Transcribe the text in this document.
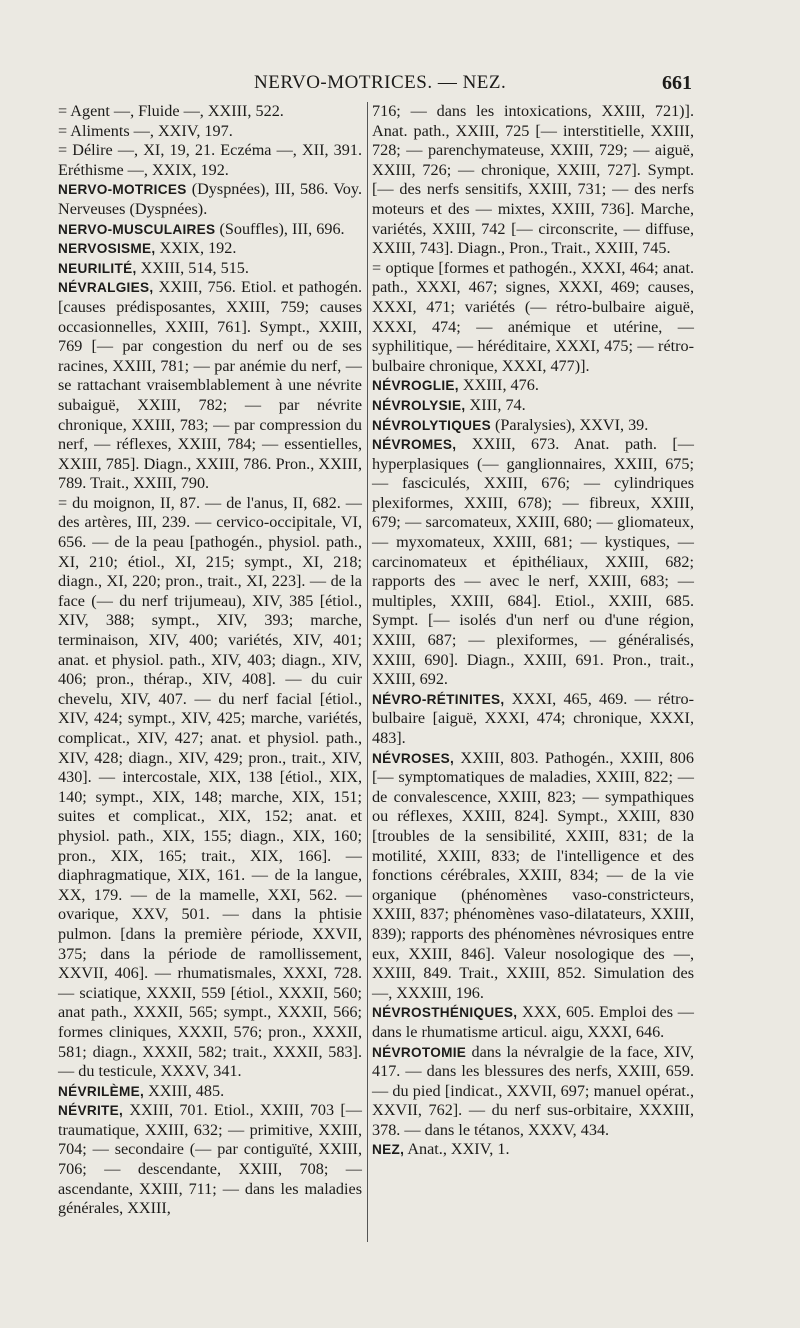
NERVO-MOTRICES. — NEZ.	661

= Agent —, Fluide —, XXIII, 522.

= Aliments —, XXIV, 197.

= Délire —, XI, 19, 21. Eczéma —, XII, 391. Eréthisme —, XXIX, 192.

NERVO-MOTRICES (Dyspnées), III, 586. Voy. Nerveuses (Dyspnées).

NERVO-MUSCULAIRES (Souffles), III, 696.

NERVOSISME, XXIX, 192.

NEURILITÉ, XXIII, 514, 515.

NÉVRALGIES, XXIII, 756. Etiol. et pathogén. [causes prédisposantes, XXIII, 759; causes occasionnelles, XXIII, 761]. Sympt., XXIII, 769 [— par congestion du nerf ou de ses racines, XXIII, 781; — par anémie du nerf, — se rattachant vraisemblablement à une névrite subaiguë, XXIII, 782; — par névrite chronique, XXIII, 783; — par compression du nerf, — réflexes, XXIII, 784; — essentielles, XXIII, 785]. Diagn., XXIII, 786. Pron., XXIII, 789. Trait., XXIII, 790.

= du moignon, II, 87. — de l'anus, II, 682. — des artères, III, 239. — cervico-occipitale, VI, 656. — de la peau [pathogén., physiol. path., XI, 210; étiol., XI, 215; sympt., XI, 218; diagn., XI, 220; pron., trait., XI, 223]. — de la face (— du nerf trijumeau), XIV, 385 [étiol., XIV, 388; sympt., XIV, 393; marche, terminaison, XIV, 400; variétés, XIV, 401; anat. et physiol. path., XIV, 403; diagn., XIV, 406; pron., thérap., XIV, 408]. — du cuir chevelu, XIV, 407. — du nerf facial [étiol., XIV, 424; sympt., XIV, 425; marche, variétés, complicat., XIV, 427; anat. et physiol. path., XIV, 428; diagn., XIV, 429; pron., trait., XIV, 430]. — intercostale, XIX, 138 [étiol., XIX, 140; sympt., XIX, 148; marche, XIX, 151; suites et complicat., XIX, 152; anat. et physiol. path., XIX, 155; diagn., XIX, 160; pron., XIX, 165; trait., XIX, 166]. — diaphragmatique, XIX, 161. — de la langue, XX, 179. — de la mamelle, XXI, 562. — ovarique, XXV, 501. — dans la phtisie pulmon. [dans la première période, XXVII, 375; dans la période de ramollissement, XXVII, 406]. — rhumatismales, XXXI, 728. — sciatique, XXXII, 559 [étiol., XXXII, 560; anat path., XXXII, 565; sympt., XXXII, 566; formes cliniques, XXXII, 576; pron., XXXII, 581; diagn., XXXII, 582; trait., XXXII, 583]. — du testicule, XXXV, 341.

NÉVRILÈME, XXIII, 485.

NÉVRITE, XXIII, 701. Etiol., XXIII, 703 [— traumatique, XXIII, 632; — primitive, XXIII, 704; — secondaire (— par contiguïté, XXIII, 706; — descendante, XXIII, 708; — ascendante, XXIII, 711; — dans les maladies générales, XXIII,

716; — dans les intoxications, XXIII, 721)]. Anat. path., XXIII, 725 [— interstitielle, XXIII, 728; — parenchymateuse, XXIII, 729; — aiguë, XXIII, 726; — chronique, XXIII, 727]. Sympt. [— des nerfs sensitifs, XXIII, 731; — des nerfs moteurs et des — mixtes, XXIII, 736]. Marche, variétés, XXIII, 742 [— circonscrite, — diffuse, XXIII, 743]. Diagn., Pron., Trait., XXIII, 745.

= optique [formes et pathogén., XXXI, 464; anat. path., XXXI, 467; signes, XXXI, 469; causes, XXXI, 471; variétés (— rétro-bulbaire aiguë, XXXI, 474; — anémique et utérine, — syphilitique, — héréditaire, XXXI, 475; — rétro-bulbaire chronique, XXXI, 477)].

NÉVROGLIE, XXIII, 476.

NÉVROLYSIE, XIII, 74.

NÉVROLYTIQUES (Paralysies), XXVI, 39.

NÉVROMES, XXIII, 673. Anat. path. [— hyperplasiques (— ganglionnaires, XXIII, 675; — fasciculés, XXIII, 676; — cylindriques plexiformes, XXIII, 678); — fibreux, XXIII, 679; — sarcomateux, XXIII, 680; — gliomateux, — myxomateux, XXIII, 681; — kystiques, — carcinomateux et épithéliaux, XXIII, 682; rapports des — avec le nerf, XXIII, 683; — multiples, XXIII, 684]. Etiol., XXIII, 685. Sympt. [— isolés d'un nerf ou d'une région, XXIII, 687; — plexiformes, — généralisés, XXIII, 690]. Diagn., XXIII, 691. Pron., trait., XXIII, 692.

NÉVRO-RÉTINITES, XXXI, 465, 469. — rétro-bulbaire [aiguë, XXXI, 474; chronique, XXXI, 483].

NÉVROSES, XXIII, 803. Pathogén., XXIII, 806 [— symptomatiques de maladies, XXIII, 822; — de convalescence, XXIII, 823; — sympathiques ou réflexes, XXIII, 824]. Sympt., XXIII, 830 [troubles de la sensibilité, XXIII, 831; de la motilité, XXIII, 833; de l'intelligence et des fonctions cérébrales, XXIII, 834; — de la vie organique (phénomènes vaso-constricteurs, XXIII, 837; phénomènes vaso-dilatateurs, XXIII, 839); rapports des phénomènes névrosiques entre eux, XXIII, 846]. Valeur nosologique des —, XXIII, 849. Trait., XXIII, 852. Simulation des —, XXXIII, 196.

NÉVROSTHÉNIQUES, XXX, 605. Emploi des — dans le rhumatisme articul. aigu, XXXI, 646.

NÉVROTOMIE dans la névralgie de la face, XIV, 417. — dans les blessures des nerfs, XXIII, 659. — du pied [indicat., XXVII, 697; manuel opérat., XXVII, 762]. — du nerf sus-orbitaire, XXXIII, 378. — dans le tétanos, XXXV, 434.

NEZ, Anat., XXIV, 1.
